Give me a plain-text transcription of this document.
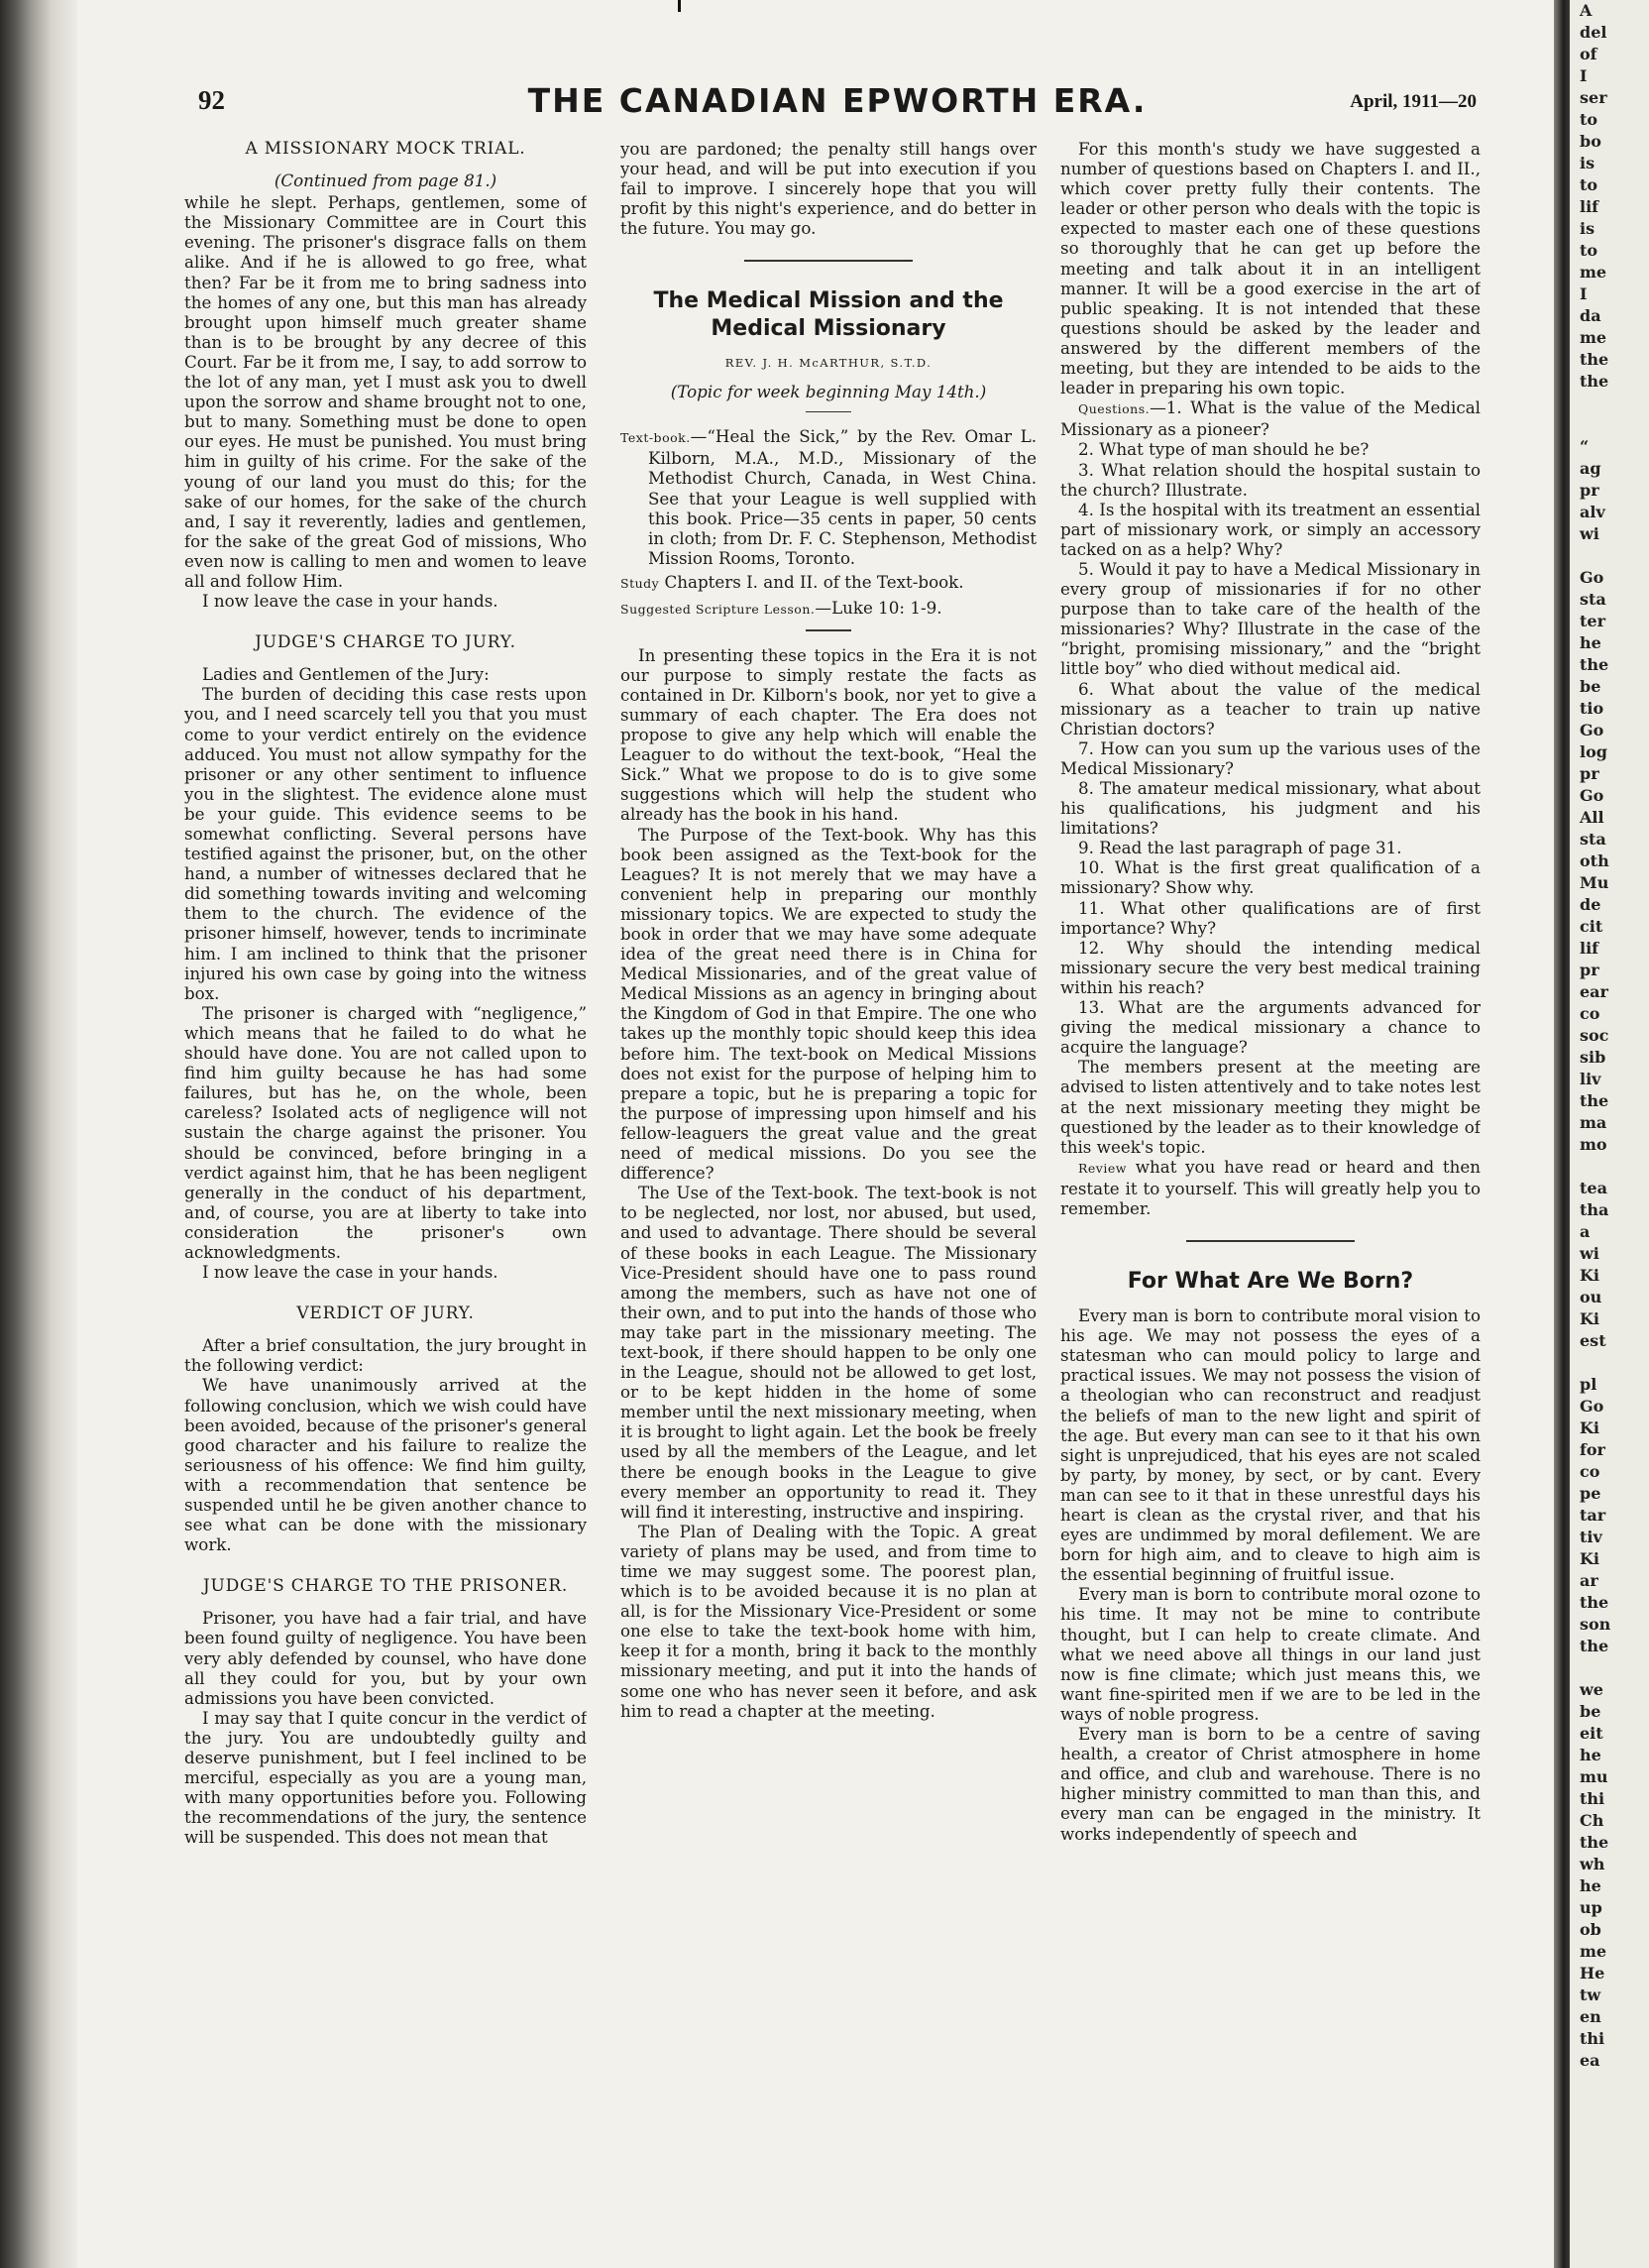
92	THE CANADIAN EPWORTH ERA.	April, 1911—20
A MISSIONARY MOCK TRIAL.
(Continued from page 81.)

while he slept. Perhaps, gentlemen, some of the Missionary Committee are in Court this evening. The prisoner's disgrace falls on them alike. And if he is allowed to go free, what then? Far be it from me to bring sadness into the homes of any one, but this man has already brought upon himself much greater shame than is to be brought by any decree of this Court. Far be it from me, I say, to add sorrow to the lot of any man, yet I must ask you to dwell upon the sorrow and shame brought not to one, but to many. Something must be done to open our eyes. He must be punished. You must bring him in guilty of his crime. For the sake of the young of our land you must do this; for the sake of our homes, for the sake of the church and, I say it reverently, ladies and gentlemen, for the sake of the great God of missions, Who even now is calling to men and women to leave all and follow Him.

I now leave the case in your hands.

JUDGE'S CHARGE TO JURY.

Ladies and Gentlemen of the Jury:

The burden of deciding this case rests upon you, and I need scarcely tell you that you must come to your verdict entirely on the evidence adduced. You must not allow sympathy for the prisoner or any other sentiment to influence you in the slightest. The evidence alone must be your guide. This evidence seems to be somewhat conflicting. Several persons have testified against the prisoner, but, on the other hand, a number of witnesses declared that he did something towards inviting and welcoming them to the church. The evidence of the prisoner himself, however, tends to incriminate him. I am inclined to think that the prisoner injured his own case by going into the witness box.

The prisoner is charged with “negligence,” which means that he failed to do what he should have done. You are not called upon to find him guilty because he has had some failures, but has he, on the whole, been careless? Isolated acts of negligence will not sustain the charge against the prisoner. You should be convinced, before bringing in a verdict against him, that he has been negligent generally in the conduct of his department, and, of course, you are at liberty to take into consideration the prisoner's own acknowledgments.

I now leave the case in your hands.

VERDICT OF JURY.

After a brief consultation, the jury brought in the following verdict:

We have unanimously arrived at the following conclusion, which we wish could have been avoided, because of the prisoner's general good character and his failure to realize the seriousness of his offence: We find him guilty, with a recommendation that sentence be suspended until he be given another chance to see what can be done with the missionary work.

JUDGE'S CHARGE TO THE PRISONER.

Prisoner, you have had a fair trial, and have been found guilty of negligence. You have been very ably defended by counsel, who have done all they could for you, but by your own admissions you have been convicted.

I may say that I quite concur in the verdict of the jury. You are undoubtedly guilty and deserve punishment, but I feel inclined to be merciful, especially as you are a young man, with many opportunities before you. Following the recommendations of the jury, the sentence will be suspended. This does not mean that

you are pardoned; the penalty still hangs over your head, and will be put into execution if you fail to improve. I sincerely hope that you will profit by this night's experience, and do better in the future. You may go.

The Medical Mission and the
Medical Missionary
REV. J. H. McARTHUR, S.T.D.
(Topic for week beginning May 14th.)
Text-book.—“Heal the Sick,” by the Rev. Omar L. Kilborn, M.A., M.D., Missionary of the Methodist Church, Canada, in West China. See that your League is well supplied with this book. Price—35 cents in paper, 50 cents in cloth; from Dr. F. C. Stephenson, Methodist Mission Rooms, Toronto.
Study Chapters I. and II. of the Text-book.
Suggested Scripture Lesson.—Luke 10: 1-9.

In presenting these topics in the Era it is not our purpose to simply restate the facts as contained in Dr. Kilborn's book, nor yet to give a summary of each chapter. The Era does not propose to give any help which will enable the Leaguer to do without the text-book, “Heal the Sick.” What we propose to do is to give some suggestions which will help the student who already has the book in his hand.

The Purpose of the Text-book. Why has this book been assigned as the Text-book for the Leagues? It is not merely that we may have a convenient help in preparing our monthly missionary topics. We are expected to study the book in order that we may have some adequate idea of the great need there is in China for Medical Missionaries, and of the great value of Medical Missions as an agency in bringing about the Kingdom of God in that Empire. The one who takes up the monthly topic should keep this idea before him. The text-book on Medical Missions does not exist for the purpose of helping him to prepare a topic, but he is preparing a topic for the purpose of impressing upon himself and his fellow-leaguers the great value and the great need of medical missions. Do you see the difference?

The Use of the Text-book. The text-book is not to be neglected, nor lost, nor abused, but used, and used to advantage. There should be several of these books in each League. The Missionary Vice-President should have one to pass round among the members, such as have not one of their own, and to put into the hands of those who may take part in the missionary meeting. The text-book, if there should happen to be only one in the League, should not be allowed to get lost, or to be kept hidden in the home of some member until the next missionary meeting, when it is brought to light again. Let the book be freely used by all the members of the League, and let there be enough books in the League to give every member an opportunity to read it. They will find it interesting, instructive and inspiring.

The Plan of Dealing with the Topic. A great variety of plans may be used, and from time to time we may suggest some. The poorest plan, which is to be avoided because it is no plan at all, is for the Missionary Vice-President or some one else to take the text-book home with him, keep it for a month, bring it back to the monthly missionary meeting, and put it into the hands of some one who has never seen it before, and ask him to read a chapter at the meeting.

For this month's study we have suggested a number of questions based on Chapters I. and II., which cover pretty fully their contents. The leader or other person who deals with the topic is expected to master each one of these questions so thoroughly that he can get up before the meeting and talk about it in an intelligent manner. It will be a good exercise in the art of public speaking. It is not intended that these questions should be asked by the leader and answered by the different members of the meeting, but they are intended to be aids to the leader in preparing his own topic.

Questions.—1. What is the value of the Medical Missionary as a pioneer?

2. What type of man should he be?

3. What relation should the hospital sustain to the church? Illustrate.

4. Is the hospital with its treatment an essential part of missionary work, or simply an accessory tacked on as a help? Why?

5. Would it pay to have a Medical Missionary in every group of missionaries if for no other purpose than to take care of the health of the missionaries? Why? Illustrate in the case of the “bright, promising missionary,” and the “bright little boy” who died without medical aid.

6. What about the value of the medical missionary as a teacher to train up native Christian doctors?

7. How can you sum up the various uses of the Medical Missionary?

8. The amateur medical missionary, what about his qualifications, his judgment and his limitations?

9. Read the last paragraph of page 31.

10. What is the first great qualification of a missionary? Show why.

11. What other qualifications are of first importance? Why?

12. Why should the intending medical missionary secure the very best medical training within his reach?

13. What are the arguments advanced for giving the medical missionary a chance to acquire the language?

The members present at the meeting are advised to listen attentively and to take notes lest at the next missionary meeting they might be questioned by the leader as to their knowledge of this week's topic.

Review what you have read or heard and then restate it to yourself. This will greatly help you to remember.

For What Are We Born?

Every man is born to contribute moral vision to his age. We may not possess the eyes of a statesman who can mould policy to large and practical issues. We may not possess the vision of a theologian who can reconstruct and readjust the beliefs of man to the new light and spirit of the age. But every man can see to it that his own sight is unprejudiced, that his eyes are not scaled by party, by money, by sect, or by cant. Every man can see to it that in these unrestful days his heart is clean as the crystal river, and that his eyes are undimmed by moral defilement. We are born for high aim, and to cleave to high aim is the essential beginning of fruitful issue.

Every man is born to contribute moral ozone to his time. It may not be mine to contribute thought, but I can help to create climate. And what we need above all things in our land just now is fine climate; which just means this, we want fine-spirited men if we are to be led in the ways of noble progress.

Every man is born to be a centre of saving health, a creator of Christ atmosphere in home and office, and club and warehouse. There is no higher ministry committed to man than this, and every man can be engaged in the ministry. It works independently of speech and

A
del
of
I
ser
to
bo
is
to
lif
is
to
me
I
da
me
the
the
“
ag
pr
alv
wi
Go
sta
ter
he
the
be
tio
Go
log
pr
Go
All
sta
oth
Mu
de
cit
lif
pr
ear
co
soc
sib
liv
the
ma
mo
tea
tha
a
wi
Ki
ou
Ki
est
pl
Go
Ki
for
co
pe
tar
tiv
Ki
ar
the
son
the
we
be
eit
he
mu
thi
Ch
the
wh
he
up
ob
me
He
tw
en
thi
ea
